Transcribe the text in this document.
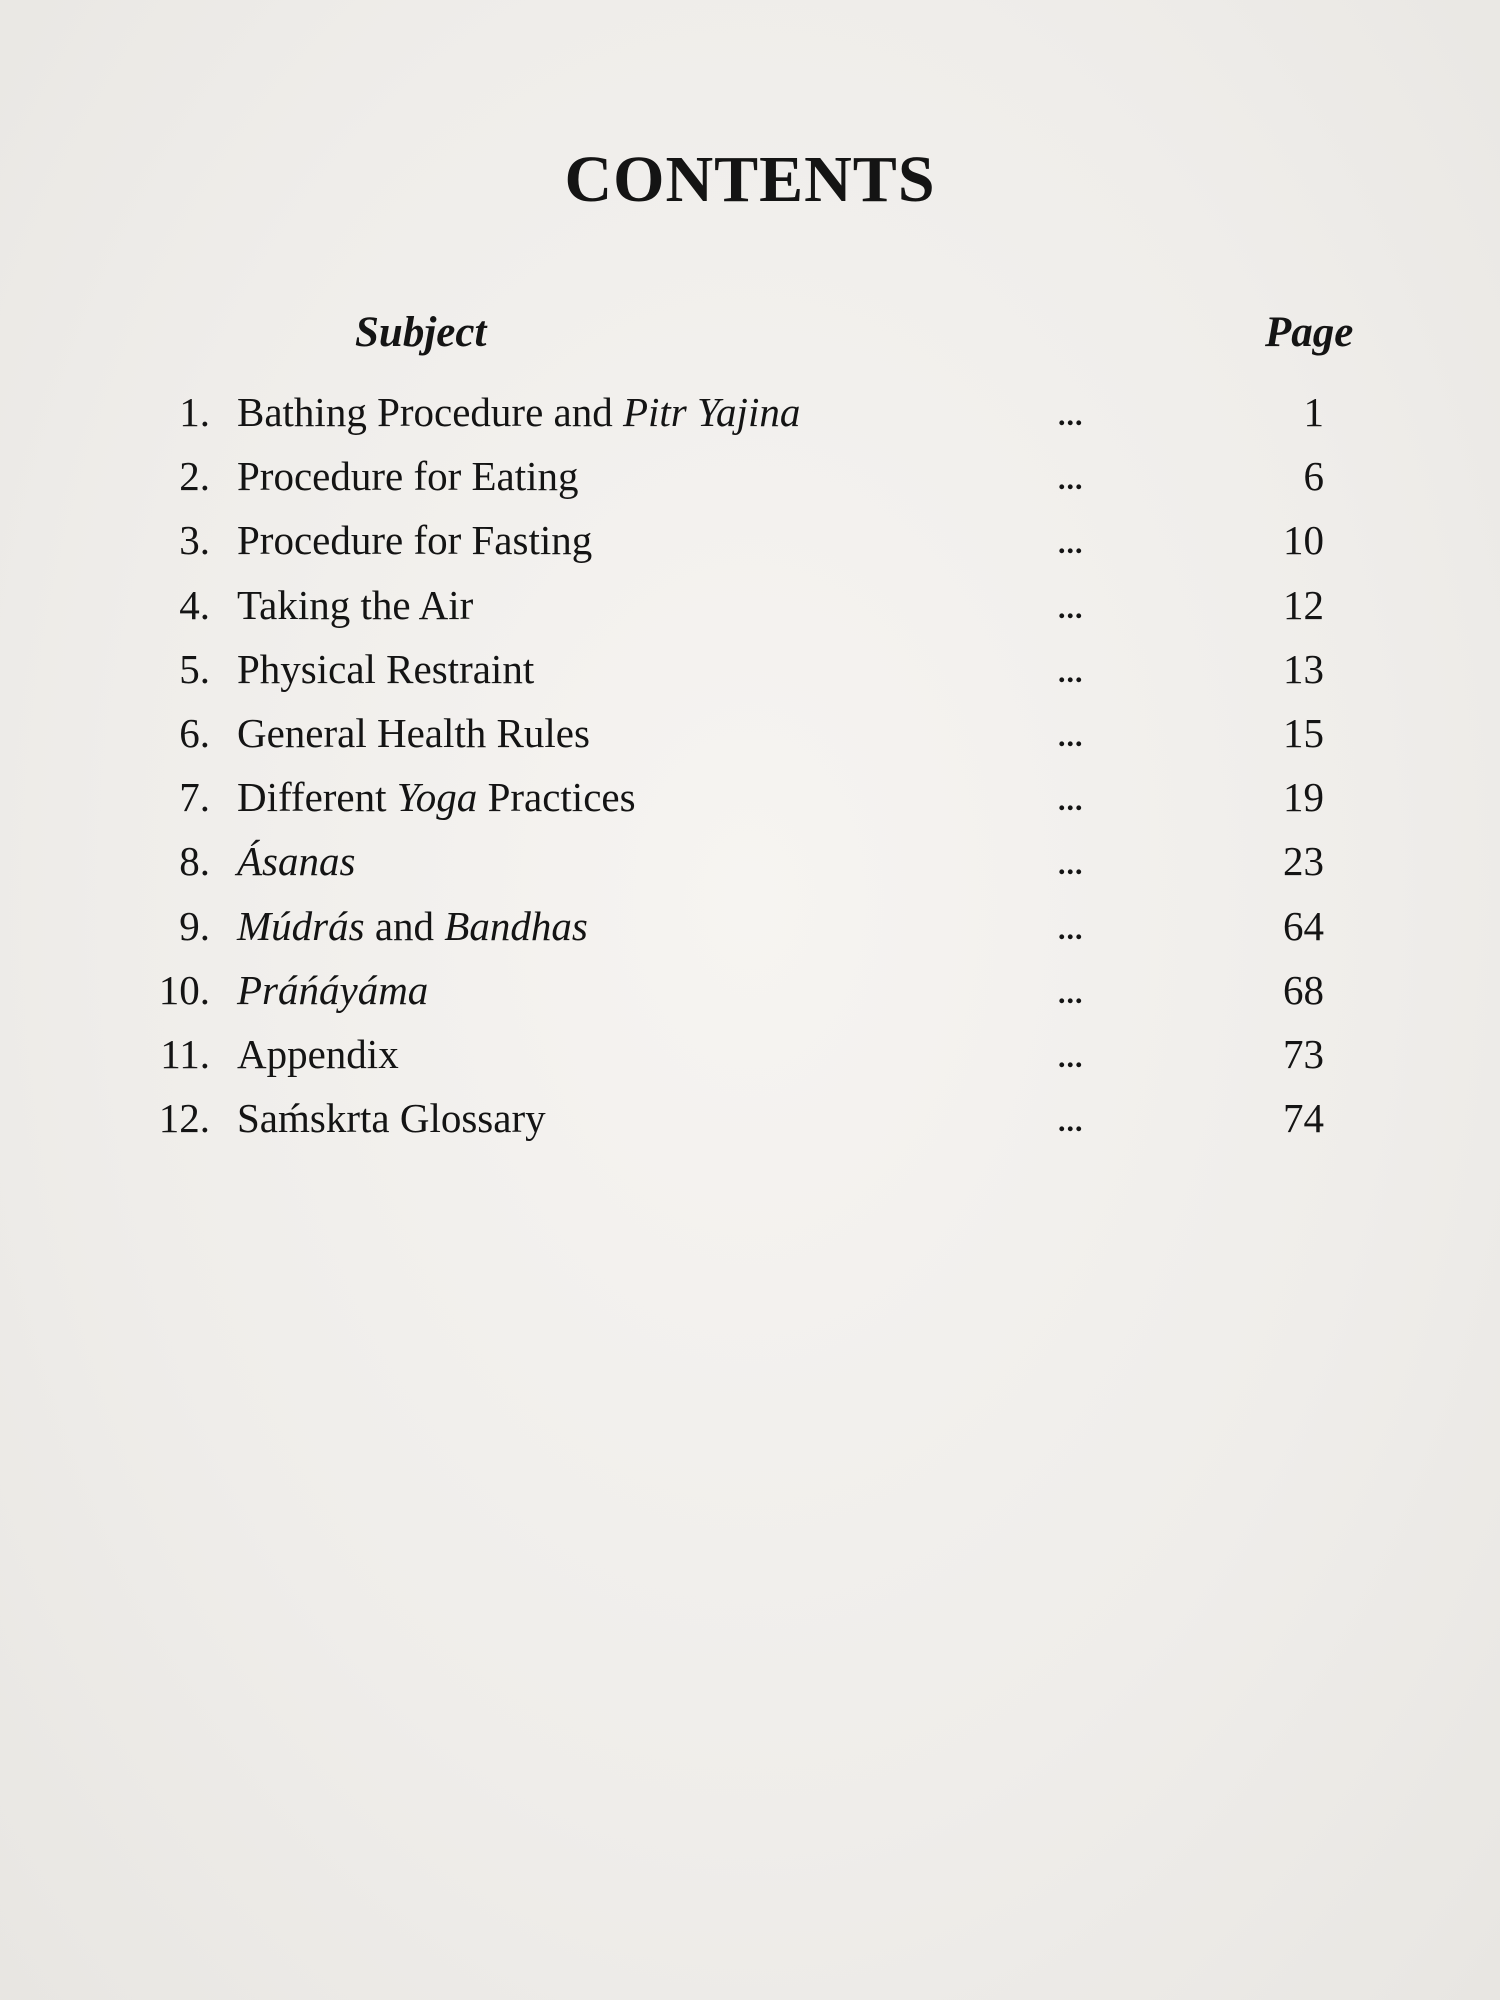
CONTENTS

Subject	Page

1. Bathing Procedure and Pitr Yajina	...	1
2. Procedure for Eating	...	6
3. Procedure for Fasting	...	10
4. Taking the Air	...	12
5. Physical Restraint	...	13
6. General Health Rules	...	15
7. Different Yoga Practices	...	19
8. Ásanas	...	23
9. Múdrás and Bandhas	...	64
10. Práńáyáma	...	68
11. Appendix	...	73
12. Saḿskrta Glossary	...	74
